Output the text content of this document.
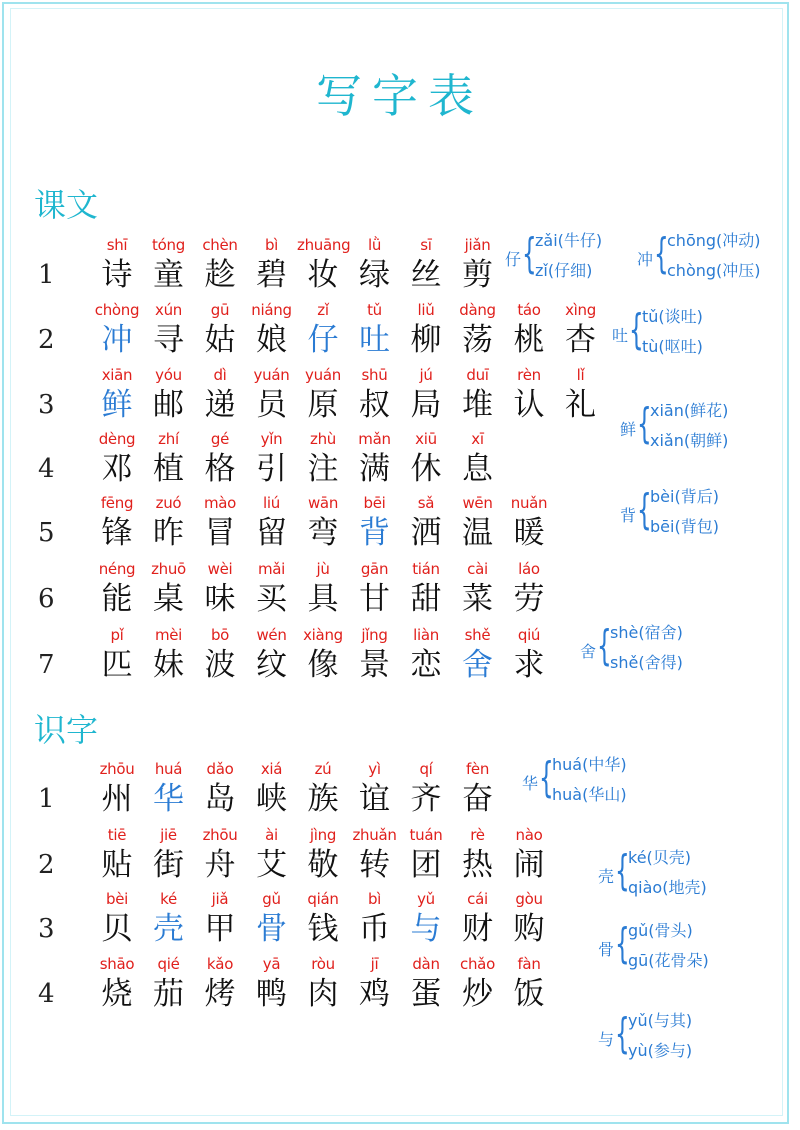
写字表
课文
1
shī
诗
tóng
童
chèn
趁
bì
碧
zhuāng
妆
lǜ
绿
sī
丝
jiǎn
剪
2
chòng
冲
xún
寻
gū
姑
niáng
娘
zǐ
仔
tǔ
吐
liǔ
柳
dàng
荡
táo
桃
xìng
杏
3
xiān
鲜
yóu
邮
dì
递
yuán
员
yuán
原
shū
叔
jú
局
duī
堆
rèn
认
lǐ
礼
4
dèng
邓
zhí
植
gé
格
yǐn
引
zhù
注
mǎn
满
xiū
休
xī
息
5
fēng
锋
zuó
昨
mào
冒
liú
留
wān
弯
bēi
背
sǎ
洒
wēn
温
nuǎn
暖
6
néng
能
zhuō
桌
wèi
味
mǎi
买
jù
具
gān
甘
tián
甜
cài
菜
láo
劳
7
pǐ
匹
mèi
妹
bō
波
wén
纹
xiàng
像
jǐng
景
liàn
恋
shě
舍
qiú
求
识字
1
zhōu
州
huá
华
dǎo
岛
xiá
峡
zú
族
yì
谊
qí
齐
fèn
奋
2
tiē
贴
jiē
街
zhōu
舟
ài
艾
jìng
敬
zhuǎn
转
tuán
团
rè
热
nào
闹
3
bèi
贝
ké
壳
jiǎ
甲
gǔ
骨
qián
钱
bì
币
yǔ
与
cái
财
gòu
购
4
shāo
烧
qié
茄
kǎo
烤
yā
鸭
ròu
肉
jī
鸡
dàn
蛋
chǎo
炒
fàn
饭
仔 {
zǎi(牛仔)
zǐ(仔细)
冲 {
chōng(冲动)
chòng(冲压)
吐 {
tǔ(谈吐)
tù(呕吐)
鲜 {
xiān(鲜花)
xiǎn(朝鲜)
背 {
bèi(背后)
bēi(背包)
舍 {
shè(宿舍)
shě(舍得)
华 {
huá(中华)
huà(华山)
壳 {
ké(贝壳)
qiào(地壳)
骨 {
gǔ(骨头)
gū(花骨朵)
与 {
yǔ(与其)
yù(参与)
